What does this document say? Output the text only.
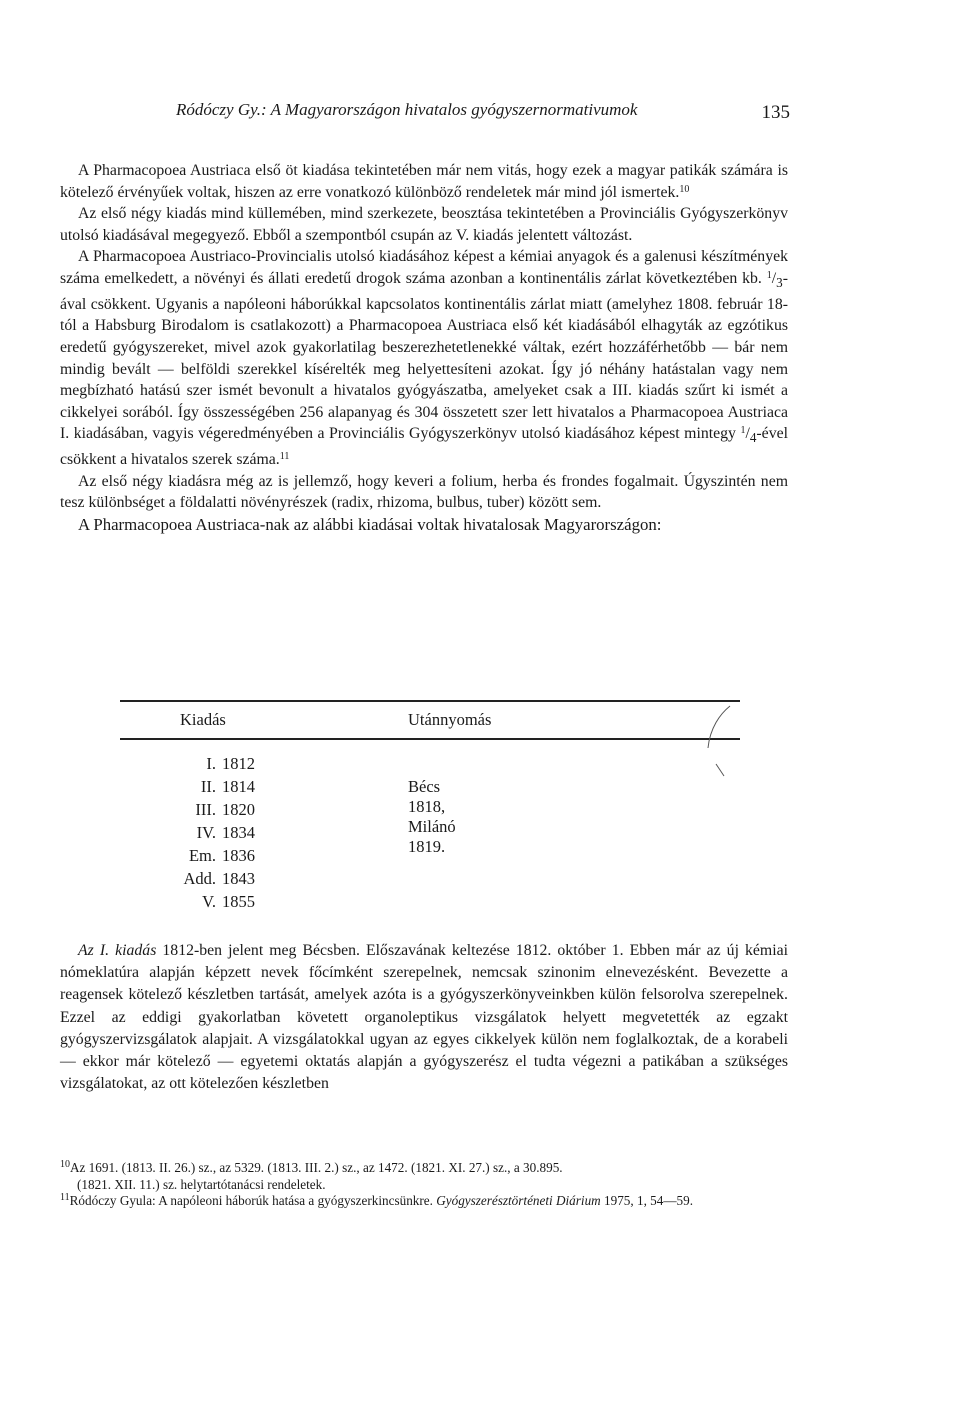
Ródóczy Gy.: A Magyarországon hivatalos gyógyszernormativumok	135

A Pharmacopoea Austriaca első öt kiadása tekintetében már nem vitás, hogy ezek a magyar patikák számára is kötelező érvényűek voltak, hiszen az erre vonatkozó különböző rendeletek már mind jól ismertek.$^{10}$

Az első négy kiadás mind küllemében, mind szerkezete, beosztása tekintetében a Provinciális Gyógyszerkönyv utolsó kiadásával megegyező. Ebből a szempontból csupán az V. kiadás jelentett változást.

A Pharmacopoea Austriaco-Provincialis utolsó kiadásához képest a kémiai anyagok és a galenusi készítmények száma emelkedett, a növényi és állati eredetű drogok száma azonban a kontinentális zárlat következtében kb. $^1/_3$-ával csökkent. Ugyanis a napóleoni háborúkkal kapcsolatos kontinentális zárlat miatt (amelyhez 1808. február 18-tól a Habsburg Birodalom is csatlakozott) a Pharmacopoea Austriaca első két kiadásából elhagyták az egzótikus eredetű gyógyszereket, mivel azok gyakorlatilag beszerezhetetlenekké váltak, ezért hozzáférhetőbb — bár nem mindig bevált — belföldi szerekkel kísérelték meg helyettesíteni azokat. Így jó néhány hatástalan vagy nem megbízható hatású szer ismét bevonult a hivatalos gyógyászatba, amelyeket csak a III. kiadás szűrt ki ismét a cikkelyei sorából. Így összességében 256 alapanyag és 304 összetett szer lett hivatalos a Pharmacopoea Austriaca I. kiadásában, vagyis végeredményében a Provinciális Gyógyszerkönyv utolsó kiadásához képest mintegy $^1/_4$-ével csökkent a hivatalos szerek száma.$^{11}$

Az első négy kiadásra még az is jellemző, hogy keveri a folium, herba és frondes fogalmait. Úgyszintén nem tesz különbséget a földalatti növényrészek (radix, rhizoma, bulbus, tuber) között sem.

A Pharmacopoea Austriaca-nak az alábbi kiadásai voltak hivatalosak Magyarországon:

Kiadás	Utánnyomás
I. 1812
II. 1814	Bécs 1818, Milánó 1819.
III. 1820
IV. 1834
Em. 1836
Add. 1843
V. 1855

Az I. kiadás 1812-ben jelent meg Bécsben. Előszavának keltezése 1812. október 1. Ebben már az új kémiai nómeklatúra alapján képzett nevek főcímként szerepelnek, nemcsak szinonim elnevezésként. Bevezette a reagensek kötelező készletben tartását, amelyek azóta is a gyógyszerkönyveinkben külön felsorolva szerepelnek. Ezzel az eddigi gyakorlatban követett organoleptikus vizsgálatok helyett megvetették az egzakt gyógyszervizsgálatok alapjait. A vizsgálatokkal ugyan az egyes cikkelyek külön nem foglalkoztak, de a korabeli — ekkor már kötelező — egyetemi oktatás alapján a gyógyszerész el tudta végezni a patikában a szükséges vizsgálatokat, az ott kötelezően készletben

$^{10}$Az 1691. (1813. II. 26.) sz., az 5329. (1813. III. 2.) sz., az 1472. (1821. XI. 27.) sz., a 30.895.

(1821. XII. 11.) sz. helytartótanácsi rendeletek.

$^{11}$Ródóczy Gyula: A napóleoni háborúk hatása a gyógyszerkincsünkre. Gyógyszerésztörténeti Diárium 1975, 1, 54—59.
